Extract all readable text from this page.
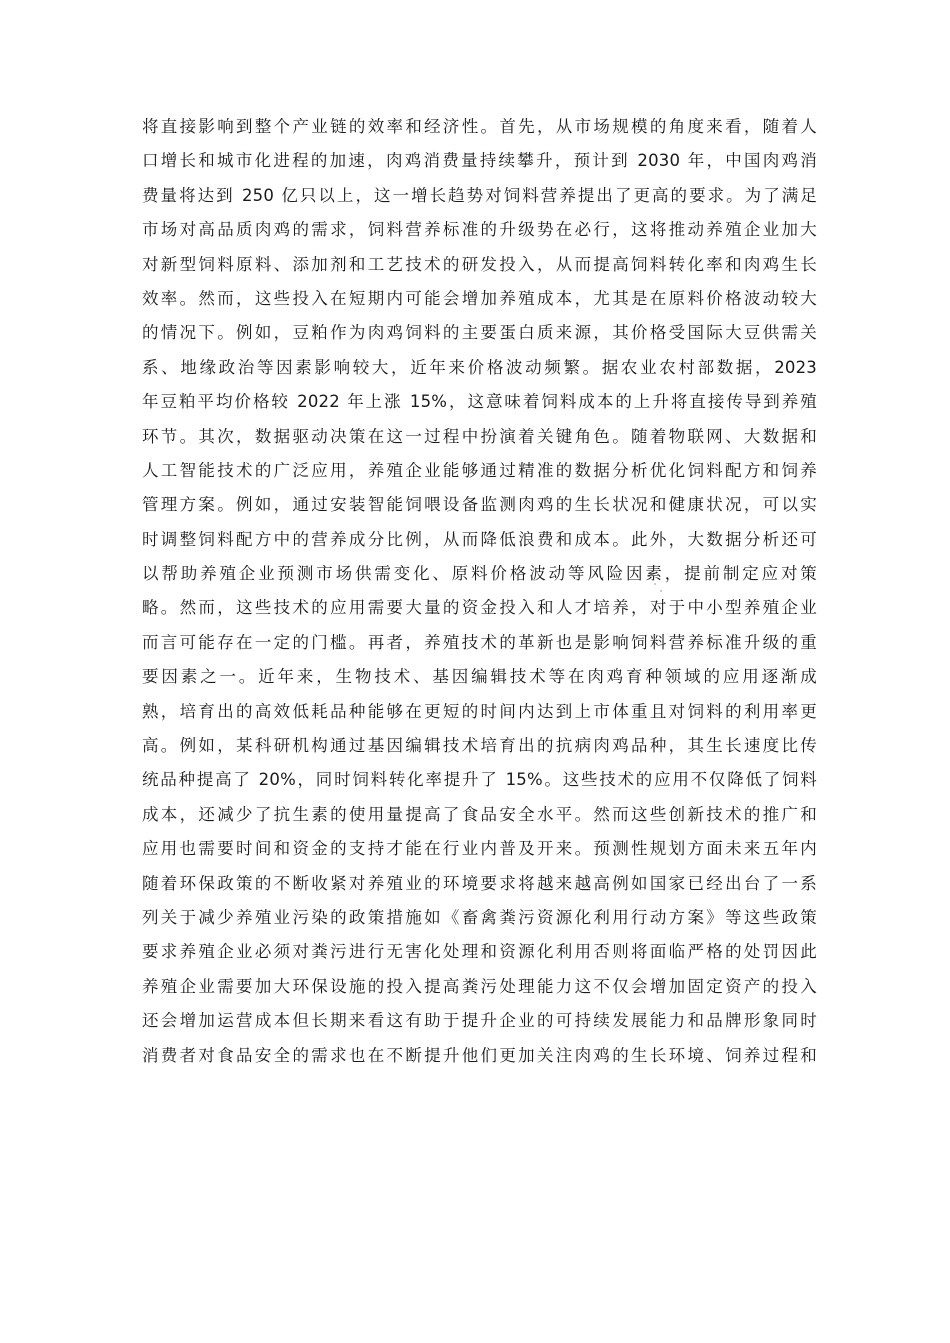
将直接影响到整个产业链的效率和经济性。首先，从市场规模的角度来看，随着人
口增长和城市化进程的加速，肉鸡消费量持续攀升，预计到 2030 年，中国肉鸡消
费量将达到 250 亿只以上，这一增长趋势对饲料营养提出了更高的要求。为了满足
市场对高品质肉鸡的需求，饲料营养标准的升级势在必行，这将推动养殖企业加大
对新型饲料原料、添加剂和工艺技术的研发投入，从而提高饲料转化率和肉鸡生长
效率。然而，这些投入在短期内可能会增加养殖成本，尤其是在原料价格波动较大
的情况下。例如，豆粕作为肉鸡饲料的主要蛋白质来源，其价格受国际大豆供需关
系、地缘政治等因素影响较大，近年来价格波动频繁。据农业农村部数据，2023
年豆粕平均价格较 2022 年上涨 15%，这意味着饲料成本的上升将直接传导到养殖
环节。其次，数据驱动决策在这一过程中扮演着关键角色。随着物联网、大数据和
人工智能技术的广泛应用，养殖企业能够通过精准的数据分析优化饲料配方和饲养
管理方案。例如，通过安装智能饲喂设备监测肉鸡的生长状况和健康状况，可以实
时调整饲料配方中的营养成分比例，从而降低浪费和成本。此外，大数据分析还可
以帮助养殖企业预测市场供需变化、原料价格波动等风险因素，提前制定应对策
略。然而，这些技术的应用需要大量的资金投入和人才培养，对于中小型养殖企业
而言可能存在一定的门槛。再者，养殖技术的革新也是影响饲料营养标准升级的重
要因素之一。近年来，生物技术、基因编辑技术等在肉鸡育种领域的应用逐渐成
熟，培育出的高效低耗品种能够在更短的时间内达到上市体重且对饲料的利用率更
高。例如，某科研机构通过基因编辑技术培育出的抗病肉鸡品种，其生长速度比传
统品种提高了 20%，同时饲料转化率提升了 15%。这些技术的应用不仅降低了饲料
成本，还减少了抗生素的使用量提高了食品安全水平。然而这些创新技术的推广和
应用也需要时间和资金的支持才能在行业内普及开来。预测性规划方面未来五年内
随着环保政策的不断收紧对养殖业的环境要求将越来越高例如国家已经出台了一系
列关于减少养殖业污染的政策措施如《畜禽粪污资源化利用行动方案》等这些政策
要求养殖企业必须对粪污进行无害化处理和资源化利用否则将面临严格的处罚因此
养殖企业需要加大环保设施的投入提高粪污处理能力这不仅会增加固定资产的投入
还会增加运营成本但长期来看这有助于提升企业的可持续发展能力和品牌形象同时
消费者对食品安全的需求也在不断提升他们更加关注肉鸡的生长环境、饲养过程和
